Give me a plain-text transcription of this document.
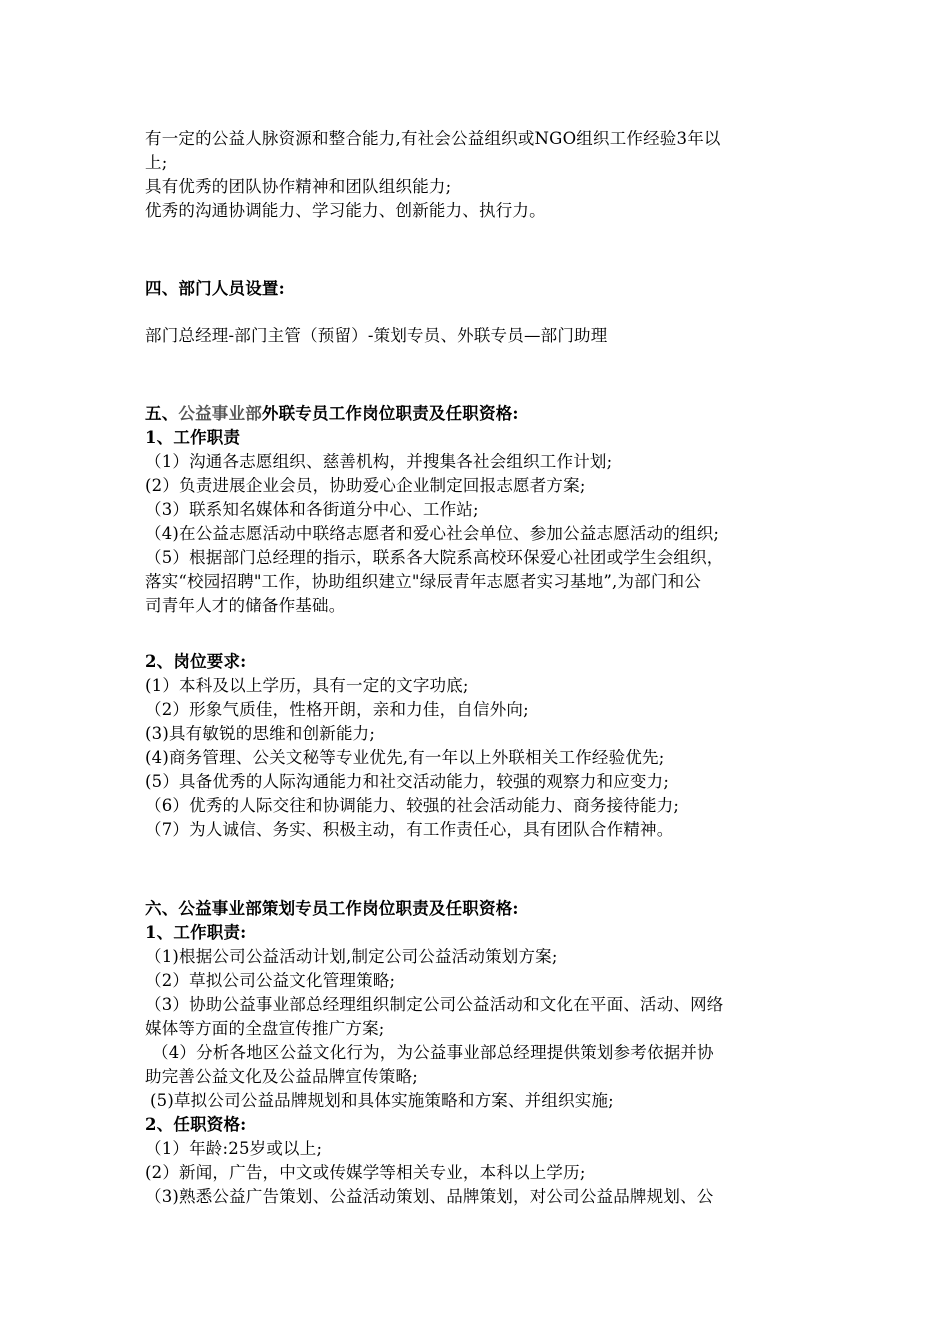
有一定的公益人脉资源和整合能力,有社会公益组织或NGO组织工作经验3年以
上;
具有优秀的团队协作精神和团队组织能力;
优秀的沟通协调能力、学习能力、创新能力、执行力。
四、部门人员设置:
部门总经理-部门主管（预留）-策划专员、外联专员—部门助理
五、公益事业部外联专员工作岗位职责及任职资格:
1、工作职责
（1）沟通各志愿组织、慈善机构，并搜集各社会组织工作计划;
(2）负责进展企业会员，协助爱心企业制定回报志愿者方案;
（3）联系知名媒体和各街道分中心、工作站;
（4)在公益志愿活动中联络志愿者和爱心社会单位、参加公益志愿活动的组织;
（5）根据部门总经理的指示，联系各大院系高校环保爱心社团或学生会组织，
落实“校园招聘"工作，协助组织建立"绿辰青年志愿者实习基地”,为部门和公
司青年人才的储备作基础。
2、岗位要求:
(1）本科及以上学历，具有一定的文字功底;
（2）形象气质佳，性格开朗，亲和力佳，自信外向;
(3)具有敏锐的思维和创新能力;
(4)商务管理、公关文秘等专业优先,有一年以上外联相关工作经验优先;
(5）具备优秀的人际沟通能力和社交活动能力，较强的观察力和应变力;
（6）优秀的人际交往和协调能力、较强的社会活动能力、商务接待能力;
（7）为人诚信、务实、积极主动，有工作责任心，具有团队合作精神。
六、公益事业部策划专员工作岗位职责及任职资格:
1、工作职责:
（1)根据公司公益活动计划,制定公司公益活动策划方案;
（2）草拟公司公益文化管理策略;
（3）协助公益事业部总经理组织制定公司公益活动和文化在平面、活动、网络
媒体等方面的全盘宣传推广方案;
（4）分析各地区公益文化行为，为公益事业部总经理提供策划参考依据并协
助完善公益文化及公益品牌宣传策略;
(5)草拟公司公益品牌规划和具体实施策略和方案、并组织实施;
2、任职资格:
（1）年龄:25岁或以上;
(2）新闻，广告，中文或传媒学等相关专业，本科以上学历;
（3)熟悉公益广告策划、公益活动策划、品牌策划，对公司公益品牌规划、公
